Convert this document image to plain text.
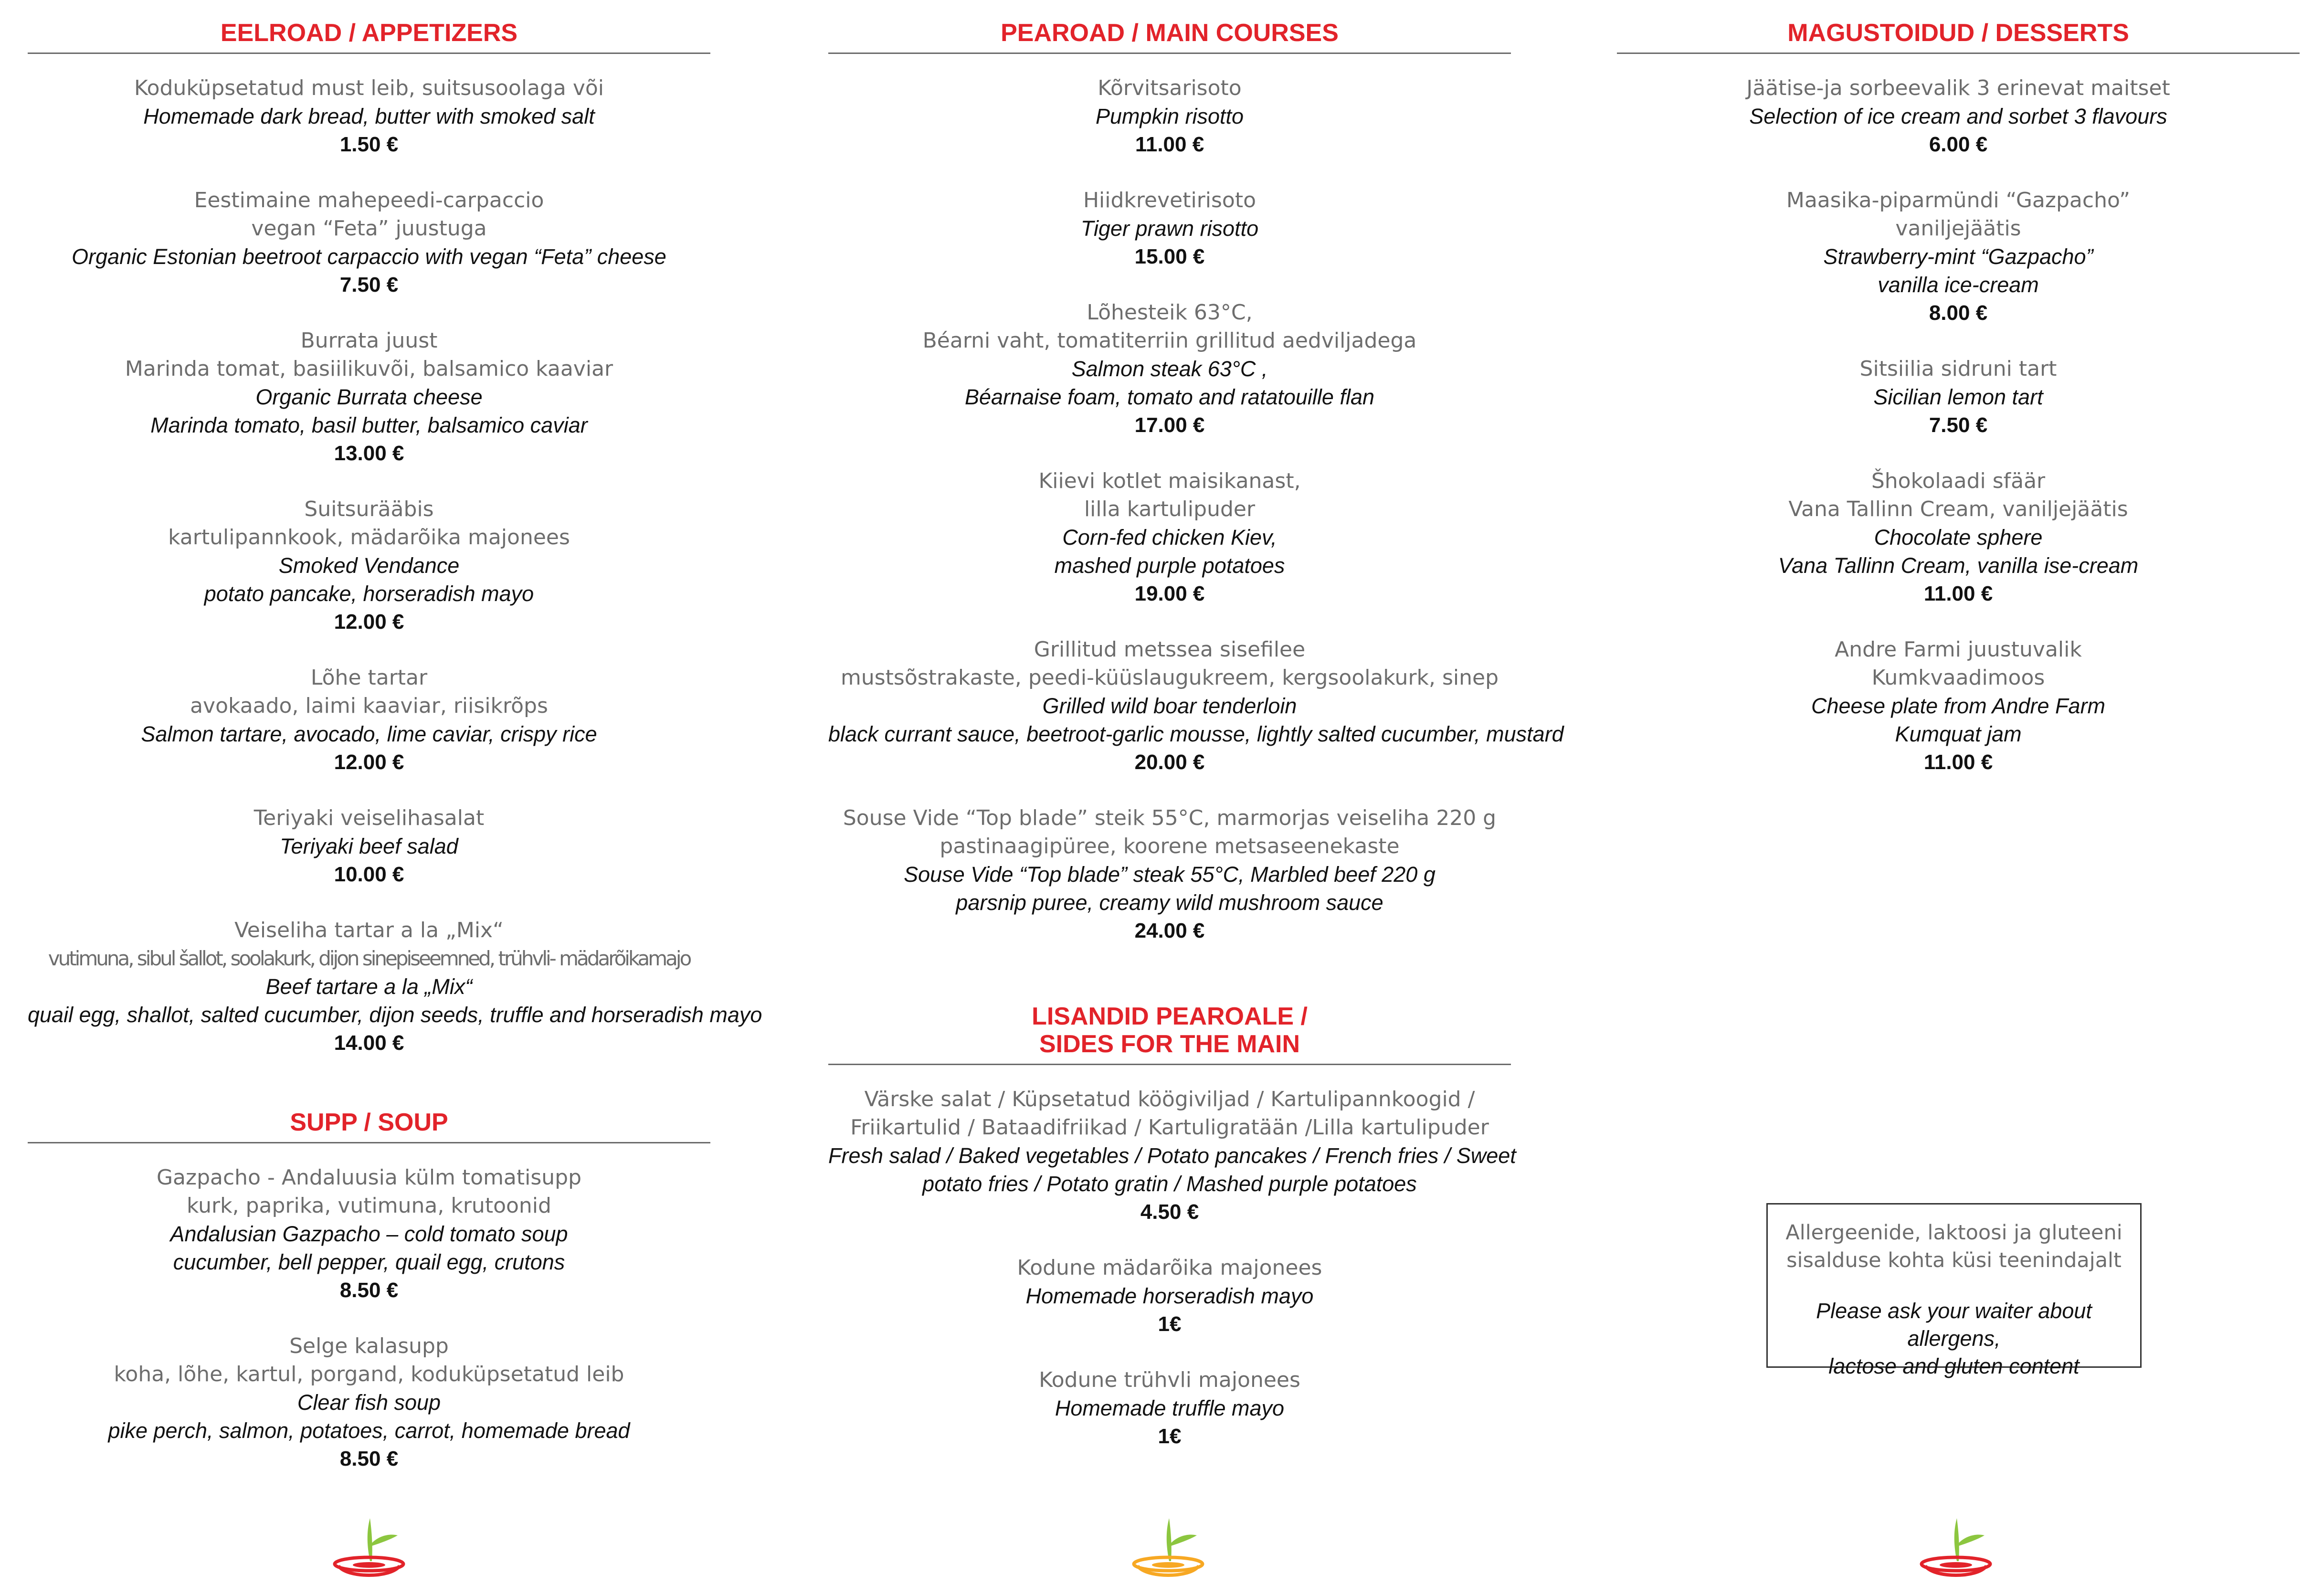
EELROAD / APPETIZERS
Koduküpsetatud must leib, suitsusoolaga või
Homemade dark bread, butter with smoked salt
1.50 €
Eestimaine mahepeedi-carpaccio
vegan “Feta” juustuga
Organic Estonian beetroot carpaccio with vegan “Feta” cheese
7.50 €
Burrata juust
Marinda tomat, basiilikuvõi, balsamico kaaviar
Organic Burrata cheese
Marinda tomato, basil butter, balsamico caviar
13.00 €
Suitsurääbis
kartulipannkook, mädarõika majonees
Smoked Vendance
potato pancake, horseradish mayo
12.00 €
Lõhe tartar
avokaado, laimi kaaviar, riisikrõps
Salmon tartare, avocado, lime caviar, crispy rice
12.00 €
Teriyaki veiselihasalat
Teriyaki beef salad
10.00 €
Veiseliha tartar a la „Mix“
vutimuna, sibul šallot, soolakurk, dijon sinepiseemned, trühvli- mädarõikamajo
Beef tartare a la „Mix“
quail egg, shallot, salted cucumber, dijon seeds, truffle and horseradish mayo
14.00 €
SUPP / SOUP
Gazpacho - Andaluusia külm tomatisupp
kurk, paprika, vutimuna, krutoonid
Andalusian Gazpacho – cold tomato soup
cucumber, bell pepper, quail egg, crutons
8.50 €
Selge kalasupp
koha, lõhe, kartul, porgand, koduküpsetatud leib
Clear fish soup
pike perch, salmon, potatoes, carrot, homemade bread
8.50 €
PEAROAD / MAIN COURSES
Kõrvitsarisoto
Pumpkin risotto
11.00 €
Hiidkrevetirisoto
Tiger prawn risotto
15.00 €
Lõhesteik 63°C,
Béarni vaht, tomatiterriin grillitud aedviljadega
Salmon steak 63°C ,
Béarnaise foam, tomato and ratatouille flan
17.00 €
Kiievi kotlet maisikanast,
lilla kartulipuder
Corn-fed chicken Kiev,
mashed purple potatoes
19.00 €
Grillitud metssea sisefilee
mustsõstrakaste, peedi-küüslaugukreem, kergsoolakurk, sinep
Grilled wild boar tenderloin
black currant sauce, beetroot-garlic mousse, lightly salted cucumber, mustard
20.00 €
Souse Vide “Top blade” steik 55°C, marmorjas veiseliha 220 g
pastinaagipüree, koorene metsaseenekaste
Souse Vide “Top blade” steak 55°C, Marbled beef 220 g
parsnip puree, creamy wild mushroom sauce
24.00 €
LISANDID PEAROALE /
SIDES FOR THE MAIN
Värske salat / Küpsetatud köögiviljad / Kartulipannkoogid /
Friikartulid / Bataadifriikad / Kartuligratään /Lilla kartulipuder
Fresh salad / Baked vegetables / Potato pancakes / French fries / Sweet
potato fries / Potato gratin / Mashed purple potatoes
4.50 €
Kodune mädarõika majonees
Homemade horseradish mayo
1€
Kodune trühvli majonees
Homemade truffle mayo
1€
MAGUSTOIDUD / DESSERTS
Jäätise-ja sorbeevalik 3 erinevat maitset
Selection of ice cream and sorbet 3 flavours
6.00 €
Maasika-piparmündi “Gazpacho”
vaniljejäätis
Strawberry-mint “Gazpacho”
vanilla ice-cream
8.00 €
Sitsiilia sidruni tart
Sicilian lemon tart
7.50 €
Šhokolaadi sfäär
Vana Tallinn Cream, vaniljejäätis
Chocolate sphere
Vana Tallinn Cream, vanilla ise-cream
11.00 €
Andre Farmi juustuvalik
Kumkvaadimoos
Cheese plate from Andre Farm
Kumquat jam
11.00 €
Allergeenide, laktoosi ja gluteeni
sisalduse kohta küsi teenindajalt
Please ask your waiter about allergens,
lactose and gluten content
